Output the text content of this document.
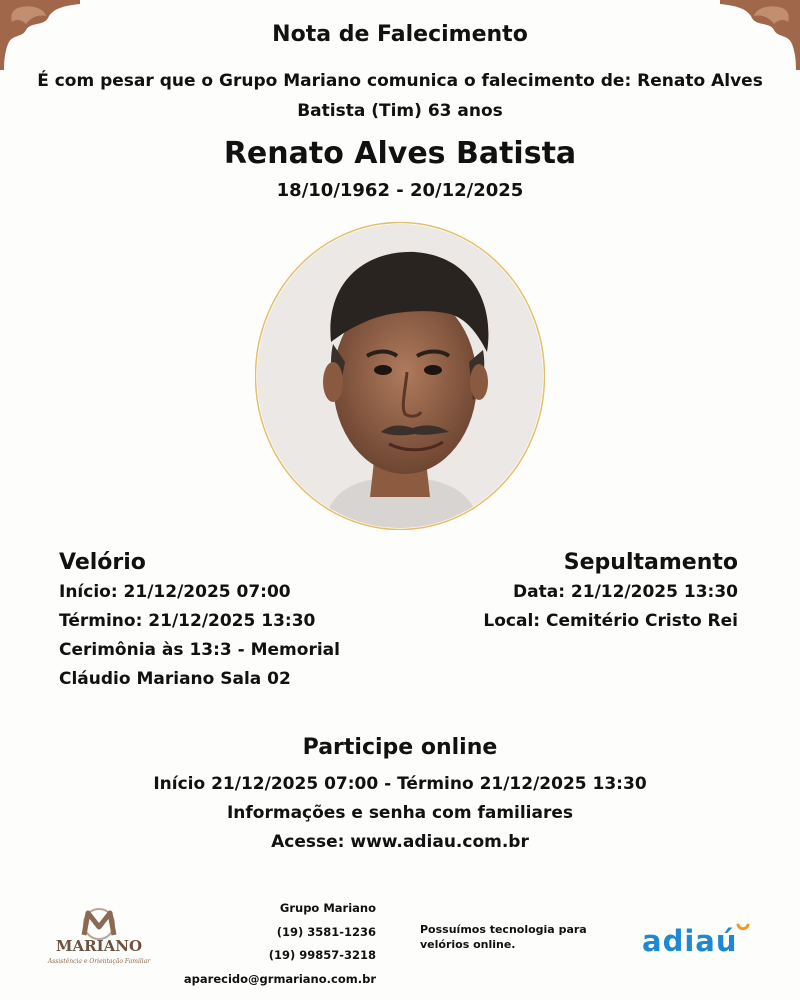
Nota de Falecimento
É com pesar que o Grupo Mariano comunica o falecimento de: Renato Alves Batista (Tim) 63 anos
Renato Alves Batista
18/10/1962 - 20/12/2025
Velório
Início: 21/12/2025 07:00
Término: 21/12/2025 13:30
Cerimônia às 13:3 - Memorial Cláudio Mariano Sala 02
Sepultamento
Data: 21/12/2025 13:30
Local: Cemitério Cristo Rei
Participe online
Início 21/12/2025 07:00 - Término 21/12/2025 13:30
Informações e senha com familiares
Acesse: www.adiau.com.br
MARIANO
Assistência e Orientação Familiar
Grupo Mariano
(19) 3581-1236
(19) 99857-3218
aparecido@grmariano.com.br
Possuímos tecnologia para velórios online.	adiaú
